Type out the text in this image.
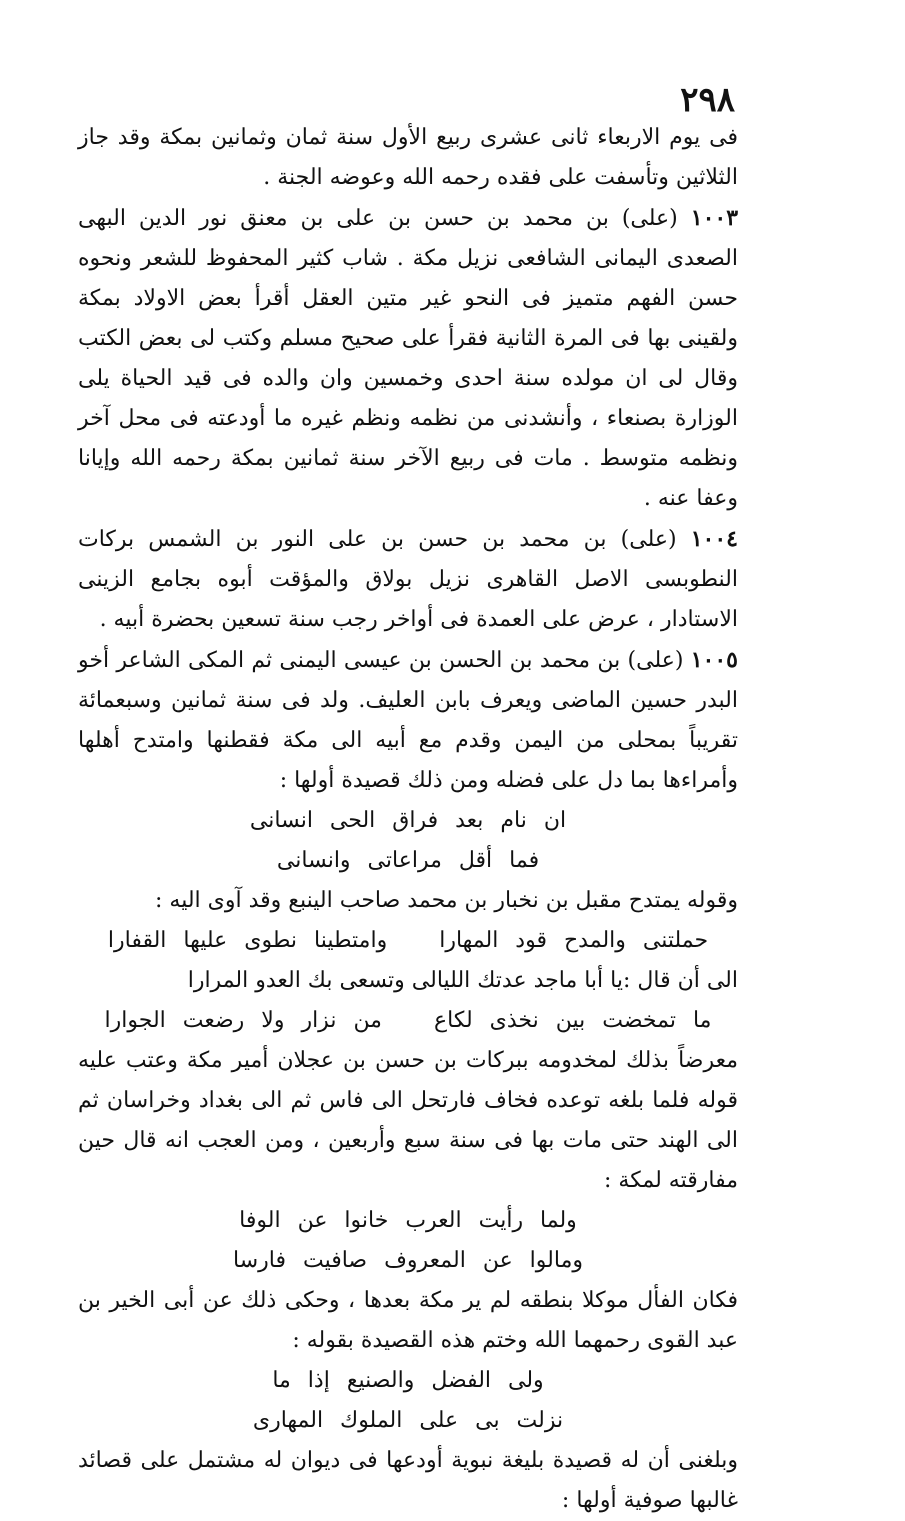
٢٩٨

فى يوم الاربعاء ثانى عشرى ربيع الأول سنة ثمان وثمانين بمكة وقد جاز الثلاثين وتأسفت على فقده رحمه الله وعوضه الجنة .

١٠٠٣ (على) بن محمد بن حسن بن على بن معنق نور الدين البهى الصعدى اليمانى الشافعى نزيل مكة . شاب كثير المحفوظ للشعر ونحوه حسن الفهم متميز فى النحو غير متين العقل أقرأ بعض الاولاد بمكة ولقينى بها فى المرة الثانية فقرأ على صحيح مسلم وكتب لى بعض الكتب وقال لى ان مولده سنة احدى وخمسين وان والده فى قيد الحياة يلى الوزارة بصنعاء ، وأنشدنى من نظمه ونظم غيره ما أودعته فى محل آخر ونظمه متوسط . مات فى ربيع الآخر سنة ثمانين بمكة رحمه الله وإيانا وعفا عنه .

١٠٠٤ (على) بن محمد بن حسن بن على النور بن الشمس بركات النطوبسى الاصل القاهرى نزيل بولاق والمؤقت أبوه بجامع الزينى الاستادار ، عرض على العمدة فى أواخر رجب سنة تسعين بحضرة أبيه .

١٠٠٥ (على) بن محمد بن الحسن بن عيسى اليمنى ثم المكى الشاعر أخو البدر حسين الماضى ويعرف بابن العليف. ولد فى سنة ثمانين وسبعمائة تقريباً بمحلى من اليمن وقدم مع أبيه الى مكة فقطنها وامتدح أهلها وأمراءها بما دل على فضله ومن ذلك قصيدة أولها :

ان نام بعد فراق الحى انسانىفما أقل مراعاتى وانسانى

وقوله يمتدح مقبل بن نخبار بن محمد صاحب الينبع وقد آوى اليه :

حملتنى والمدح قود المهاراوامتطينا نطوى عليها القفارا

الى أن قال :يا أبا ماجد عدتك الليالى وتسعى بك العدو المرارا

ما تمخضت بين نخذى لكاعمن نزار ولا رضعت الجوارا

معرضاً بذلك لمخدومه ببركات بن حسن بن عجلان أمير مكة وعتب عليه قوله فلما بلغه توعده فخاف فارتحل الى فاس ثم الى بغداد وخراسان ثم الى الهند حتى مات بها فى سنة سبع وأربعين ، ومن العجب انه قال حين مفارقته لمكة :

ولما رأيت العرب خانوا عن الوفاومالوا عن المعروف صافيت فارسا

فكان الفأل موكلا بنطقه لم ير مكة بعدها ، وحكى ذلك عن أبى الخير بن عبد القوى رحمهما الله وختم هذه القصيدة بقوله :

ولى الفضل والصنيع إذا مانزلت بى على الملوك المهارى

وبلغنى أن له قصيدة بليغة نبوية أودعها فى ديوان له مشتمل على قصائد غالبها صوفية أولها :
